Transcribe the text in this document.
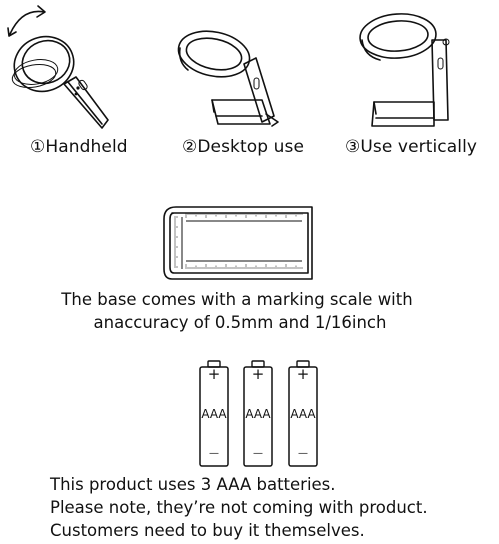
①Handheld	②Desktop use ③Use vertically
The base comes with a marking scale with
anaccuracy of 0.5mm and 1/16inch
+
AAA
—
+
AAA
—
+
AAA
—
This product uses 3 AAA batteries.
Please note, they’re not coming with product.
Customers need to buy it themselves.
